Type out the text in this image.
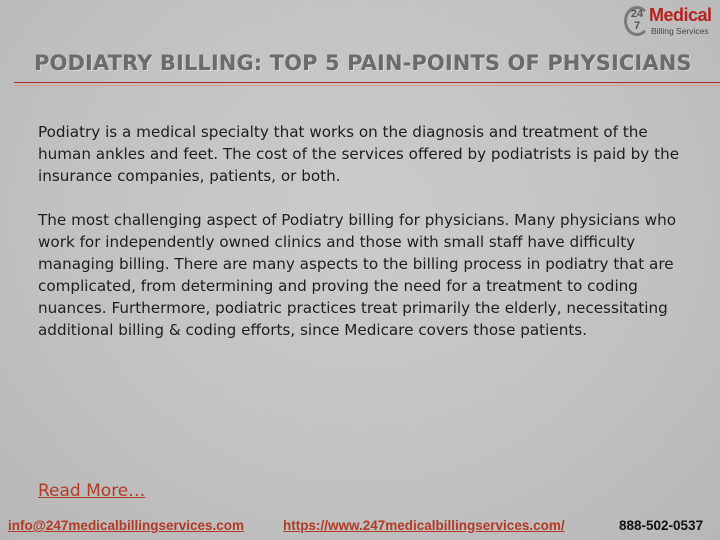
24 7
Medical
Billing Services
PODIATRY BILLING: TOP 5 PAIN-POINTS OF PHYSICIANS

Podiatry is a medical specialty that works on the diagnosis and treatment of the human ankles and feet. The cost of the services offered by podiatrists is paid by the insurance companies, patients, or both.

The most challenging aspect of Podiatry billing for physicians. Many physicians who work for independently owned clinics and those with small staff have difficulty managing billing. There are many aspects to the billing process in podiatry that are complicated, from determining and proving the need for a treatment to coding nuances. Furthermore, podiatric practices treat primarily the elderly, necessitating additional billing & coding efforts, since Medicare covers those patients.

Read More…
info@247medicalbillingservices.com	https://www.247medicalbillingservices.com/	888-502-0537
